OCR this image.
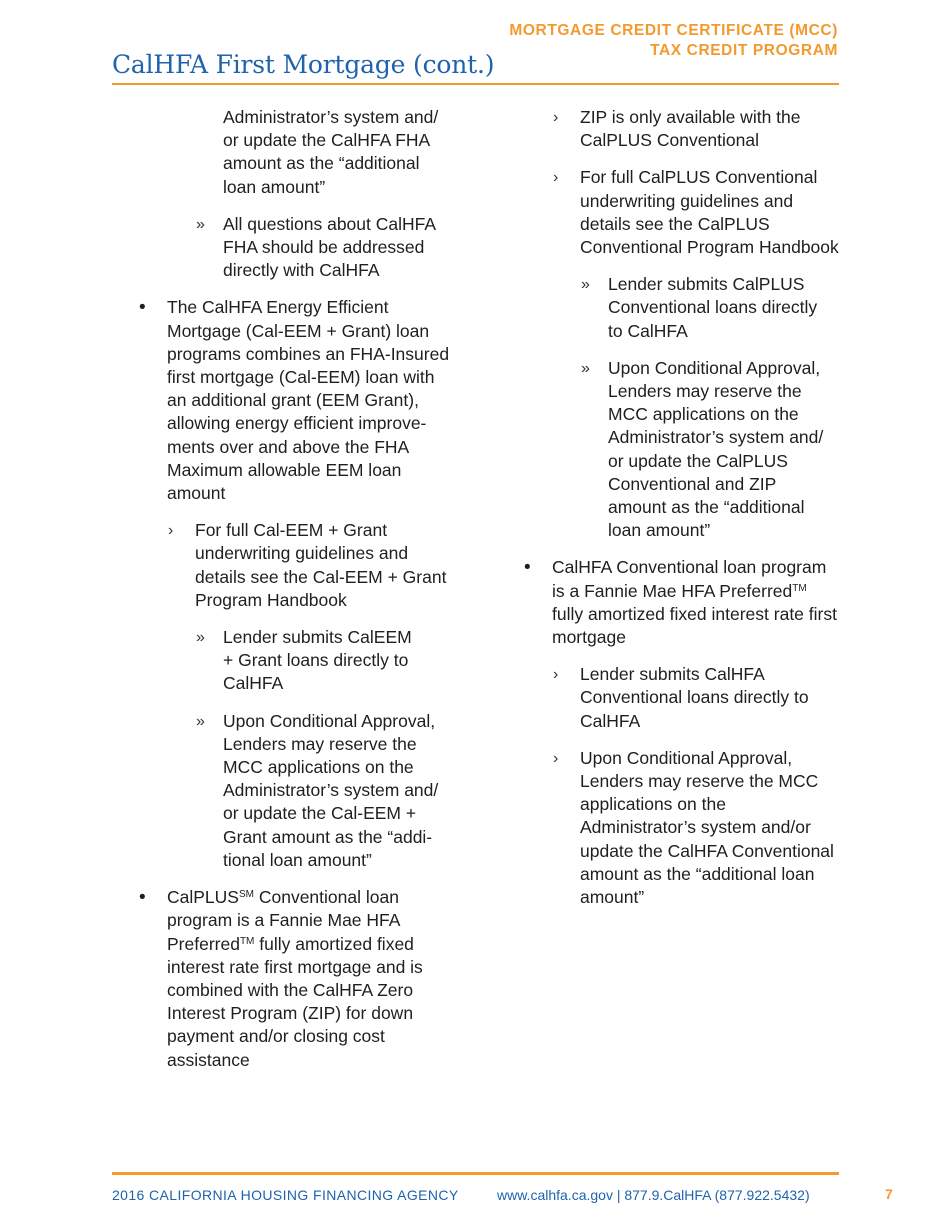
MORTGAGE CREDIT CERTIFICATE (MCC)
TAX CREDIT PROGRAM
CalHFA First Mortgage (cont.)
Administrator’s system and/ or update the CalHFA FHA amount as the “additional loan amount”
» All questions about CalHFA FHA should be addressed directly with CalHFA
• The CalHFA Energy Efficient Mortgage (Cal-EEM + Grant) loan programs combines an FHA-Insured first mortgage (Cal-EEM) loan with an additional grant (EEM Grant), allowing energy efficient improve-ments over and above the FHA Maximum allowable EEM loan amount
› For full Cal-EEM + Grant underwriting guidelines and details see the Cal-EEM + Grant Program Handbook
» Lender submits CalEEM + Grant loans directly to CalHFA
» Upon Conditional Approval, Lenders may reserve the MCC applications on the Administrator’s system and/ or update the Cal-EEM + Grant amount as the “addi-tional loan amount”
• CalPLUS℠ Conventional loan program is a Fannie Mae HFA Preferred™ fully amortized fixed interest rate first mortgage and is combined with the CalHFA Zero Interest Program (ZIP) for down payment and/or closing cost assistance
› ZIP is only available with the CalPLUS Conventional
› For full CalPLUS Conventional underwriting guidelines and details see the CalPLUS Conventional Program Handbook
» Lender submits CalPLUS Conventional loans directly to CalHFA
» Upon Conditional Approval, Lenders may reserve the MCC applications on the Administrator’s system and/ or update the CalPLUS Conventional and ZIP amount as the “additional loan amount”
• CalHFA Conventional loan program is a Fannie Mae HFA Preferred™ fully amortized fixed interest rate first mortgage
› Lender submits CalHFA Conventional loans directly to CalHFA
› Upon Conditional Approval, Lenders may reserve the MCC applications on the Administrator’s system and/or update the CalHFA Conventional amount as the “additional loan amount”
2016 CALIFORNIA HOUSING FINANCING AGENCY	www.calhfa.ca.gov | 877.9.CalHFA (877.922.5432)	7
